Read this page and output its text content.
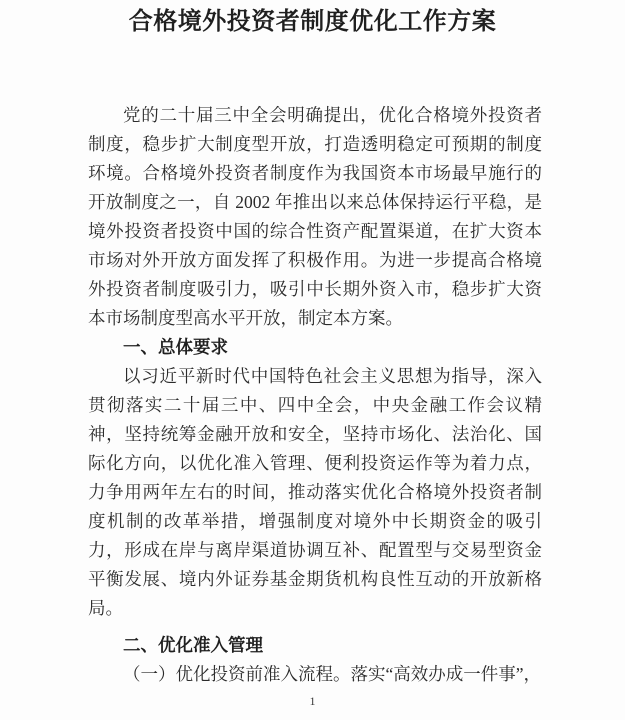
合格境外投资者制度优化工作方案

党的二十届三中全会明确提出，优化合格境外投资者制度，稳步扩大制度型开放，打造透明稳定可预期的制度环境。合格境外投资者制度作为我国资本市场最早施行的开放制度之一，自 2002 年推出以来总体保持运行平稳，是境外投资者投资中国的综合性资产配置渠道，在扩大资本市场对外开放方面发挥了积极作用。为进一步提高合格境外投资者制度吸引力，吸引中长期外资入市，稳步扩大资本市场制度型高水平开放，制定本方案。

一、总体要求

以习近平新时代中国特色社会主义思想为指导，深入贯彻落实二十届三中、四中全会，中央金融工作会议精神，坚持统筹金融开放和安全，坚持市场化、法治化、国际化方向，以优化准入管理、便利投资运作等为着力点，力争用两年左右的时间，推动落实优化合格境外投资者制度机制的改革举措，增强制度对境外中长期资金的吸引力，形成在岸与离岸渠道协调互补、配置型与交易型资金平衡发展、境内外证券基金期货机构良性互动的开放新格局。

二、优化准入管理

（一）优化投资前准入流程。落实“高效办成一件事”，

1
